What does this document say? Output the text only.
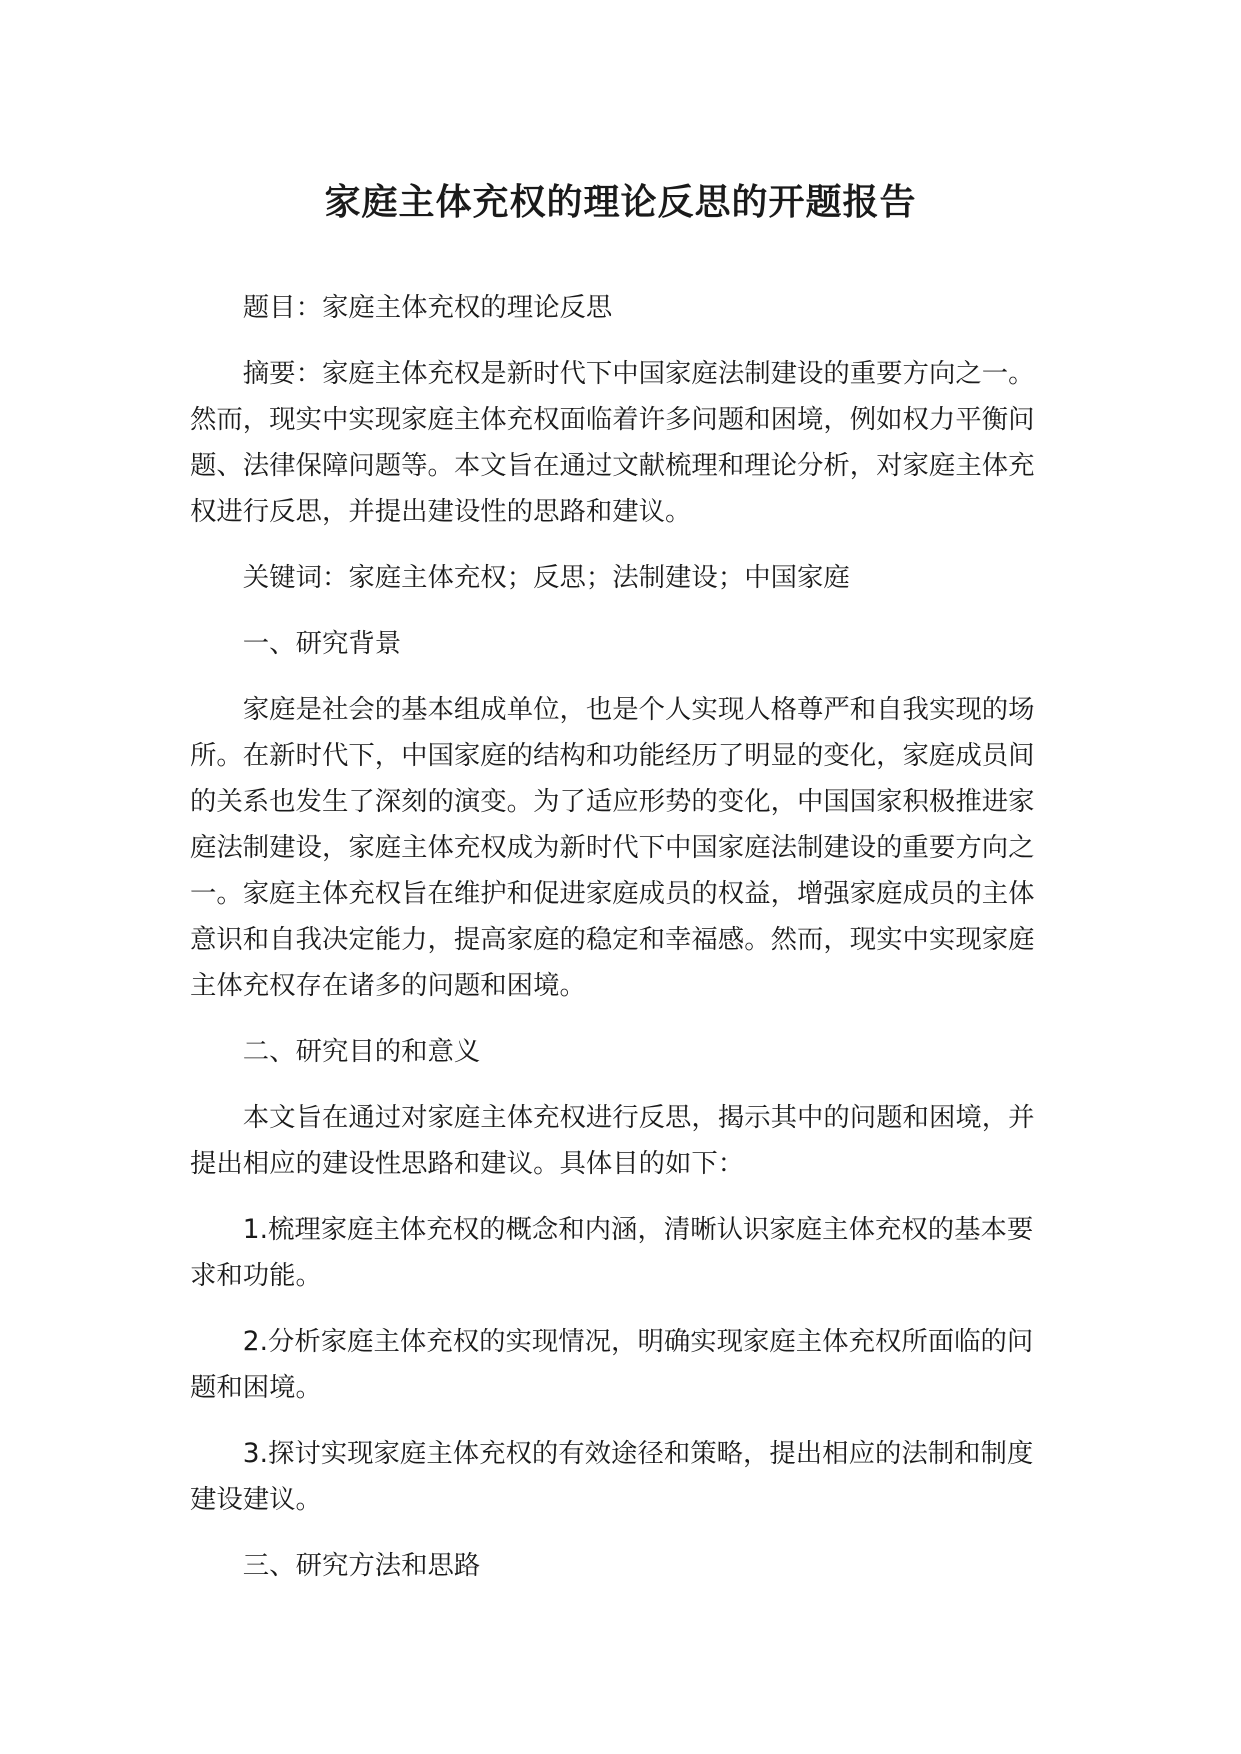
家庭主体充权的理论反思的开题报告

题目：家庭主体充权的理论反思

摘要：家庭主体充权是新时代下中国家庭法制建设的重要方向之一。然而，现实中实现家庭主体充权面临着许多问题和困境，例如权力平衡问题、法律保障问题等。本文旨在通过文献梳理和理论分析，对家庭主体充权进行反思，并提出建设性的思路和建议。

关键词：家庭主体充权；反思；法制建设；中国家庭

一、研究背景

家庭是社会的基本组成单位，也是个人实现人格尊严和自我实现的场所。在新时代下，中国家庭的结构和功能经历了明显的变化，家庭成员间的关系也发生了深刻的演变。为了适应形势的变化，中国国家积极推进家庭法制建设，家庭主体充权成为新时代下中国家庭法制建设的重要方向之一。家庭主体充权旨在维护和促进家庭成员的权益，增强家庭成员的主体意识和自我决定能力，提高家庭的稳定和幸福感。然而，现实中实现家庭主体充权存在诸多的问题和困境。

二、研究目的和意义

本文旨在通过对家庭主体充权进行反思，揭示其中的问题和困境，并提出相应的建设性思路和建议。具体目的如下：

1.梳理家庭主体充权的概念和内涵，清晰认识家庭主体充权的基本要求和功能。

2.分析家庭主体充权的实现情况，明确实现家庭主体充权所面临的问题和困境。

3.探讨实现家庭主体充权的有效途径和策略，提出相应的法制和制度建设建议。

三、研究方法和思路
